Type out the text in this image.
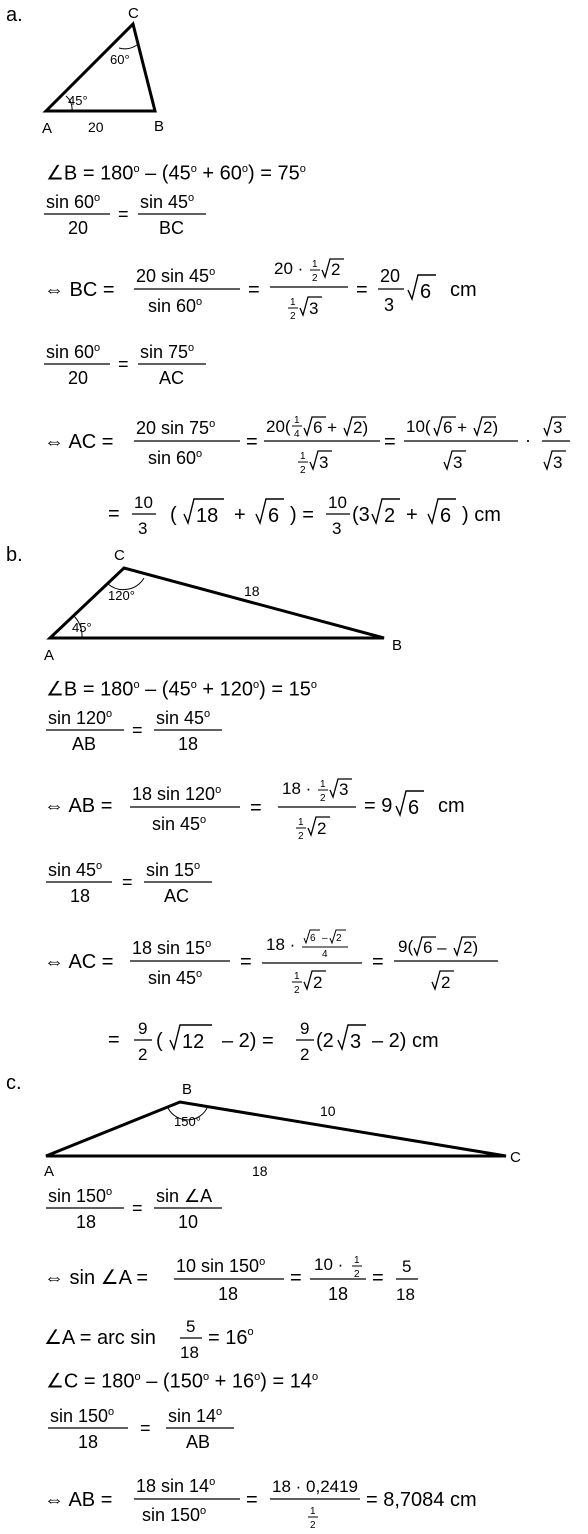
a.	C
A	B
20
45°
60°
∠B = $180^o - (45^o + 60^o) = 75^o$
sin 60$^o$
20
=
sin 45$^o$
BC
⇔ BC =
20 sin 45$^o$
$\sin 60^o$
=
20 · 1
2 2
1
2 3
=
20
3
6 cm
sin 60$^o$
20
=
sin 75$^o$
AC
⇔ AC =
20 sin 75$^o$
$\sin 60^o$
=
20( 1
4 6 + 2)
1
2 3
=
10( 6 + 2)
3
·
3
3
=
10
3
( 18 + 6 ) =
10
3
(3 2 + 6 ) cm
b.	C
A
B
18
45°
120°
∠B = $180^o - (45^o + 120^o) = 15^o$
sin 120$^o$
AB
=
sin 45$^o$
18
⇔ AB =
18 sin 120$^o$
$\sin 45^o$
=
18 · 1
2 3
1
2 2
= 9 6 cm
sin 45$^o$
18
=
sin 15$^o$
AC
⇔ AC =
18 sin 15$^o$
$\sin 45^o$
=
18 · 6 – 2
4
1
2 2
=
9( 6 – 2)
2
=
9
2
( 12 – 2) =
9
2
(2 3 – 2) cm
c.	B
A
C
10
18
150°
sin 150$^o$
18
=
sin ∠A
10
⇔ sin ∠A =
10 sin 150$^o$
18
=
10 · 1
2
18
=
5
18
∠A = arc sin
5
18
= $16^o$
∠C = $180^o - (150^o + 16^o) = 14^o$
sin 150$^o$
18
=
sin 14$^o$
AB
⇔ AB =
18 sin 14$^o$
$\sin 150^o$ =
18 · 0,2419
1
2
= 8,7084 cm
